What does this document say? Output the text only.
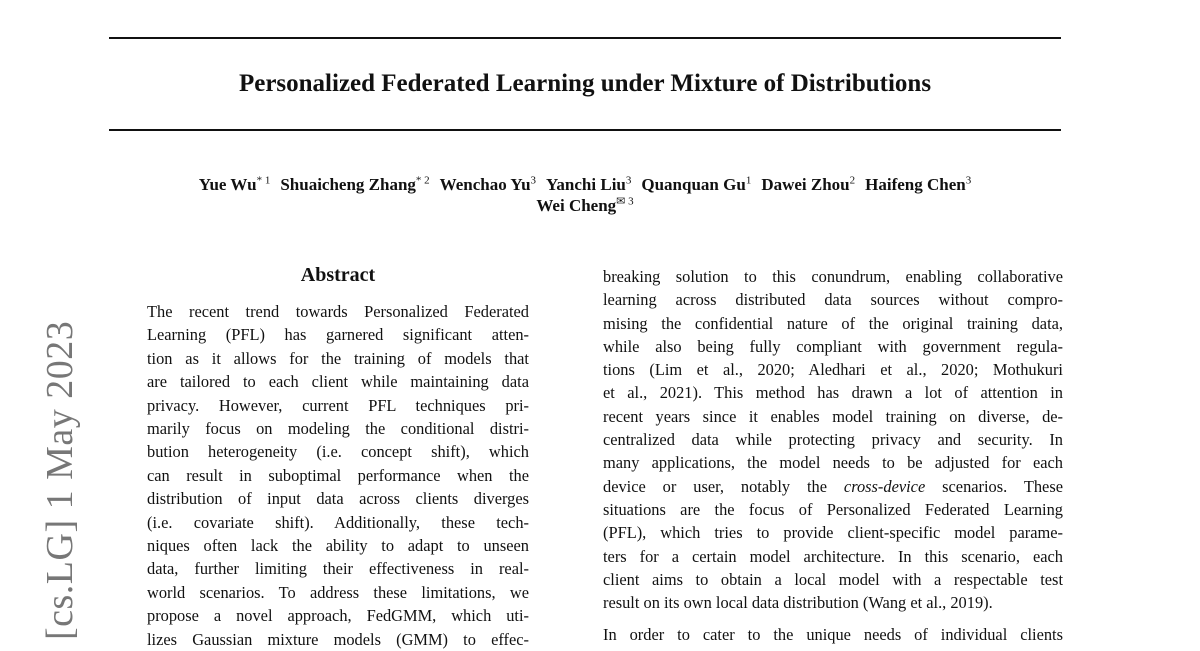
Personalized Federated Learning under Mixture of Distributions
Yue Wu$^{* 1}$ Shuaicheng Zhang$^{* 2}$ Wenchao Yu$^3$ Yanchi Liu$^3$ Quanquan Gu$^1$ Dawei Zhou$^2$ Haifeng Chen$^3$
Wei Cheng$^{✉ 3}$
[cs.LG] 1 May 2023
Abstract
The recent trend towards Personalized Federated
Learning (PFL) has garnered significant atten-
tion as it allows for the training of models that
are tailored to each client while maintaining data
privacy. However, current PFL techniques pri-
marily focus on modeling the conditional distri-
bution heterogeneity (i.e. concept shift), which
can result in suboptimal performance when the
distribution of input data across clients diverges
(i.e. covariate shift). Additionally, these tech-
niques often lack the ability to adapt to unseen
data, further limiting their effectiveness in real-
world scenarios. To address these limitations, we
propose a novel approach, FedGMM, which uti-
lizes Gaussian mixture models (GMM) to effec-
breaking solution to this conundrum, enabling collaborative
learning across distributed data sources without compro-
mising the confidential nature of the original training data,
while also being fully compliant with government regula-
tions (Lim et al., 2020; Aledhari et al., 2020; Mothukuri
et al., 2021). This method has drawn a lot of attention in
recent years since it enables model training on diverse, de-
centralized data while protecting privacy and security. In
many applications, the model needs to be adjusted for each
device or user, notably the cross-device scenarios. These
situations are the focus of Personalized Federated Learning
(PFL), which tries to provide client-specific model parame-
ters for a certain model architecture. In this scenario, each
client aims to obtain a local model with a respectable test
result on its own local data distribution (Wang et al., 2019).
In order to cater to the unique needs of individual clients
